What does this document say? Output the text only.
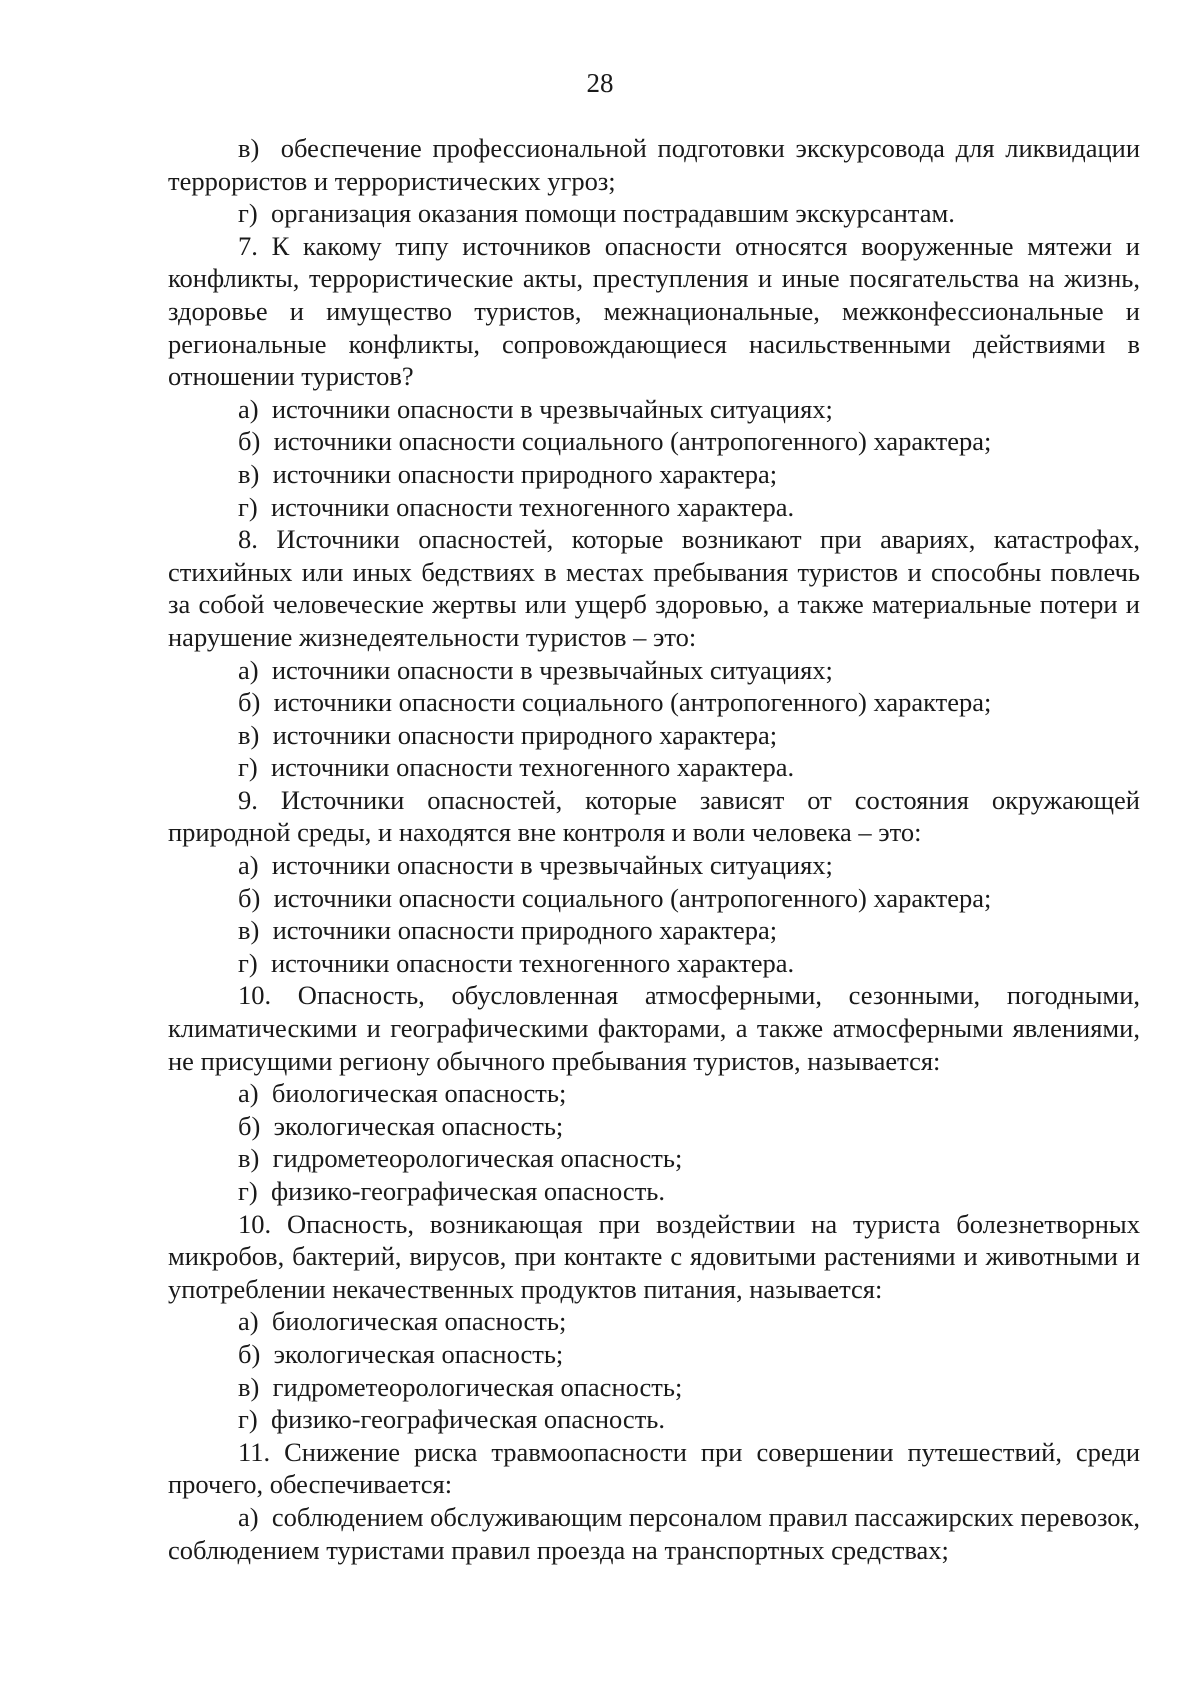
28
в) обеспечение профессиональной подготовки экскурсовода для ликвидации террористов и террористических угроз;
г) организация оказания помощи пострадавшим экскурсантам.
7. К какому типу источников опасности относятся вооруженные мятежи и конфликты, террористические акты, преступления и иные посягательства на жизнь, здоровье и имущество туристов, межнациональные, межконфессиональные и региональные конфликты, сопровождающиеся насильственными действиями в отношении туристов?
а) источники опасности в чрезвычайных ситуациях;
б) источники опасности социального (антропогенного) характера;
в) источники опасности природного характера;
г) источники опасности техногенного характера.
8. Источники опасностей, которые возникают при авариях, катастрофах, стихийных или иных бедствиях в местах пребывания туристов и способны повлечь за собой человеческие жертвы или ущерб здоровью, а также материальные потери и нарушение жизнедеятельности туристов – это:
а) источники опасности в чрезвычайных ситуациях;
б) источники опасности социального (антропогенного) характера;
в) источники опасности природного характера;
г) источники опасности техногенного характера.
9. Источники опасностей, которые зависят от состояния окружающей природной среды, и находятся вне контроля и воли человека – это:
а) источники опасности в чрезвычайных ситуациях;
б) источники опасности социального (антропогенного) характера;
в) источники опасности природного характера;
г) источники опасности техногенного характера.
10. Опасность, обусловленная атмосферными, сезонными, погодными, климатическими и географическими факторами, а также атмосферными явлениями, не присущими региону обычного пребывания туристов, называется:
а) биологическая опасность;
б) экологическая опасность;
в) гидрометеорологическая опасность;
г) физико-географическая опасность.
10. Опасность, возникающая при воздействии на туриста болезнетворных микробов, бактерий, вирусов, при контакте с ядовитыми растениями и животными и употреблении некачественных продуктов питания, называется:
а) биологическая опасность;
б) экологическая опасность;
в) гидрометеорологическая опасность;
г) физико-географическая опасность.
11. Снижение риска травмоопасности при совершении путешествий, среди прочего, обеспечивается:
а) соблюдением обслуживающим персоналом правил пассажирских перевозок, соблюдением туристами правил проезда на транспортных средствах;
